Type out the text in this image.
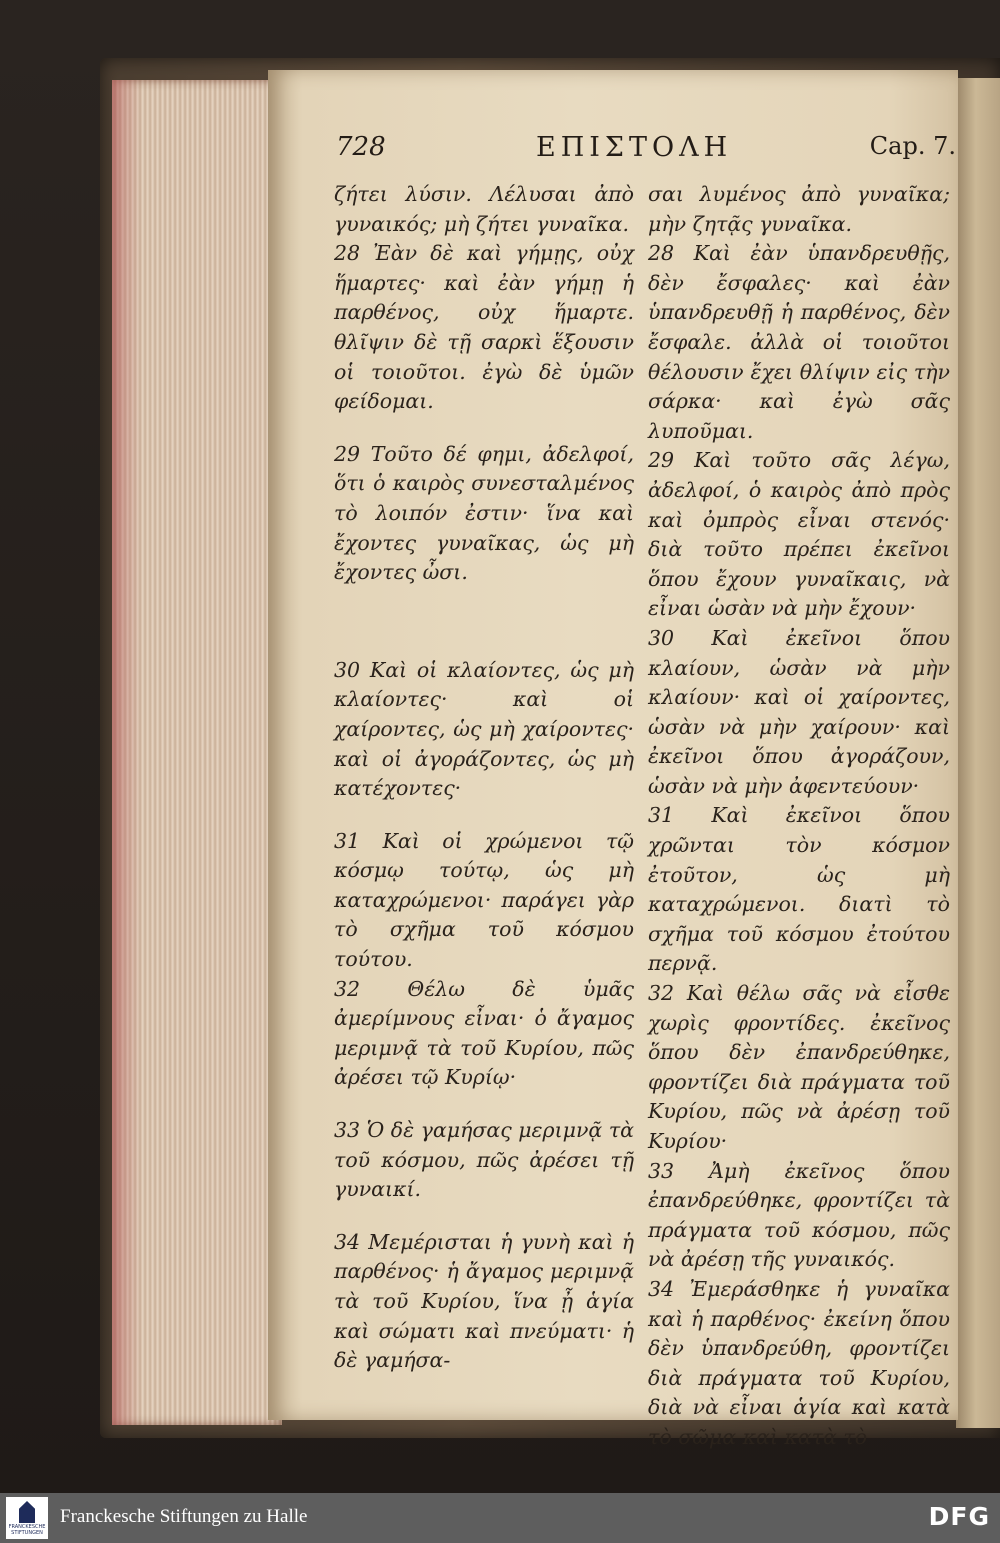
728	ΕΠΙΣΤΟΛΗ	Cap. 7.

ζήτει λύσιν. Λέλυσαι ἀπὸ γυναικός; μὴ ζήτει γυναῖκα.

28 Ἐὰν δὲ καὶ γήμῃς, οὐχ ἥμαρτες· καὶ ἐὰν γήμῃ ἡ παρθένος, οὐχ ἥμαρτε. θλῖψιν δὲ τῇ σαρκὶ ἕξουσιν οἱ τοιοῦτοι. ἐγὼ δὲ ὑμῶν φείδομαι.

29 Τοῦτο δέ φημι, ἀδελφοί, ὅτι ὁ καιρὸς συνεσταλμένος τὸ λοιπόν ἐστιν· ἵνα καὶ ἔχοντες γυναῖκας, ὡς μὴ ἔχοντες ὦσι.

30 Καὶ οἱ κλαίοντες, ὡς μὴ κλαίοντες· καὶ οἱ χαίροντες, ὡς μὴ χαίροντες· καὶ οἱ ἀγοράζοντες, ὡς μὴ κατέχοντες·

31 Καὶ οἱ χρώμενοι τῷ κόσμῳ τούτῳ, ὡς μὴ καταχρώμενοι· παράγει γὰρ τὸ σχῆμα τοῦ κόσμου τούτου.

32 Θέλω δὲ ὑμᾶς ἀμερίμνους εἶναι· ὁ ἄγαμος μεριμνᾷ τὰ τοῦ Κυρίου, πῶς ἀρέσει τῷ Κυρίῳ·

33 Ὁ δὲ γαμήσας μεριμνᾷ τὰ τοῦ κόσμου, πῶς ἀρέσει τῇ γυναικί.

34 Μεμέρισται ἡ γυνὴ καὶ ἡ παρθένος· ἡ ἄγαμος μεριμνᾷ τὰ τοῦ Κυρίου, ἵνα ᾖ ἁγία καὶ σώματι καὶ πνεύματι· ἡ δὲ γαμήσα-

σαι λυμένος ἀπὸ γυναῖκα; μὴν ζητᾷς γυναῖκα.

28 Καὶ ἐὰν ὑπανδρευθῇς, δὲν ἔσφαλες· καὶ ἐὰν ὑπανδρευθῇ ἡ παρθένος, δὲν ἔσφαλε. ἀλλὰ οἱ τοιοῦτοι θέλουσιν ἔχει θλίψιν εἰς τὴν σάρκα· καὶ ἐγὼ σᾶς λυποῦμαι.

29 Καὶ τοῦτο σᾶς λέγω, ἀδελφοί, ὁ καιρὸς ἀπὸ πρὸς καὶ ὀμπρὸς εἶναι στενός· διὰ τοῦτο πρέπει ἐκεῖνοι ὅπου ἔχουν γυναῖκαις, νὰ εἶναι ὡσὰν νὰ μὴν ἔχουν·

30 Καὶ ἐκεῖνοι ὅπου κλαίουν, ὡσὰν νὰ μὴν κλαίουν· καὶ οἱ χαίροντες, ὡσὰν νὰ μὴν χαίρουν· καὶ ἐκεῖνοι ὅπου ἀγοράζουν, ὡσὰν νὰ μὴν ἀφεντεύουν·

31 Καὶ ἐκεῖνοι ὅπου χρῶνται τὸν κόσμον ἐτοῦτον, ὡς μὴ καταχρώμενοι. διατὶ τὸ σχῆμα τοῦ κόσμου ἐτούτου περνᾷ.

32 Καὶ θέλω σᾶς νὰ εἶσθε χωρὶς φροντίδες. ἐκεῖνος ὅπου δὲν ἐπανδρεύθηκε, φροντίζει διὰ πράγματα τοῦ Κυρίου, πῶς νὰ ἀρέσῃ τοῦ Κυρίου·

33 Ἀμὴ ἐκεῖνος ὅπου ἐπανδρεύθηκε, φροντίζει τὰ πράγματα τοῦ κόσμου, πῶς νὰ ἀρέσῃ τῆς γυναικός.

34 Ἐμεράσθηκε ἡ γυναῖκα καὶ ἡ παρθένος· ἐκείνη ὅπου δὲν ὑπανδρεύθη, φροντίζει διὰ πράγματα τοῦ Κυρίου, διὰ νὰ εἶναι ἁγία καὶ κατὰ τὸ σῶμα καὶ κατὰ τὸ

FRANCKESCHE STIFTUNGEN
Franckesche Stiftungen zu Halle	DFG
